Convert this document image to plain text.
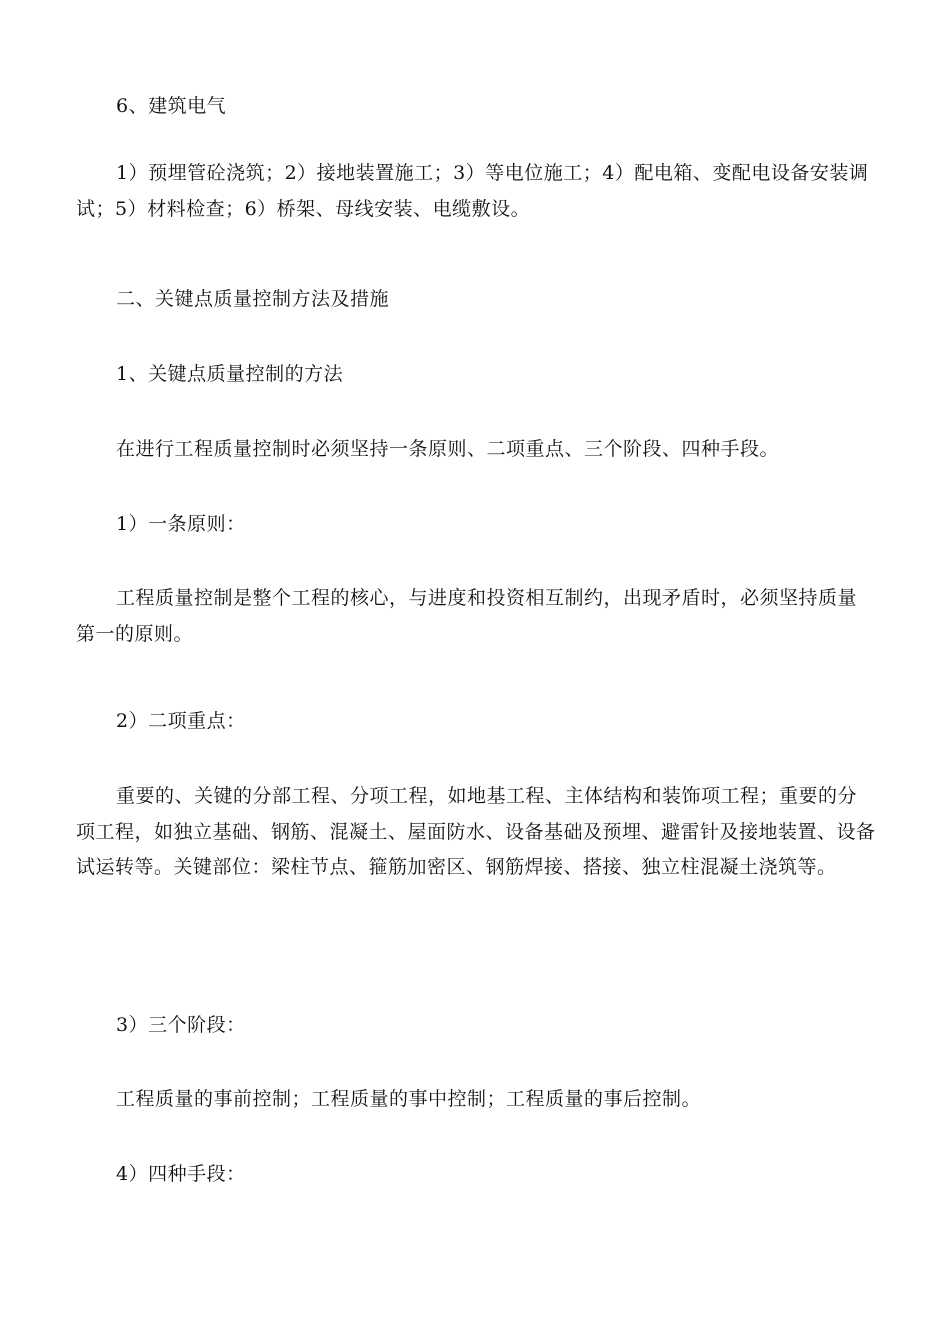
6、建筑电气

1）预埋管砼浇筑；2）接地装置施工；3）等电位施工；4）配电箱、变配电设备安装调试；5）材料检查；6）桥架、母线安装、电缆敷设。

二、关键点质量控制方法及措施

1、关键点质量控制的方法

在进行工程质量控制时必须坚持一条原则、二项重点、三个阶段、四种手段。

1）一条原则：

工程质量控制是整个工程的核心，与进度和投资相互制约，出现矛盾时，必须坚持质量第一的原则。

2）二项重点：

重要的、关键的分部工程、分项工程，如地基工程、主体结构和装饰项工程；重要的分项工程，如独立基础、钢筋、混凝土、屋面防水、设备基础及预埋、避雷针及接地装置、设备试运转等。关键部位：梁柱节点、箍筋加密区、钢筋焊接、搭接、独立柱混凝土浇筑等。

3）三个阶段：

工程质量的事前控制；工程质量的事中控制；工程质量的事后控制。

4）四种手段：
